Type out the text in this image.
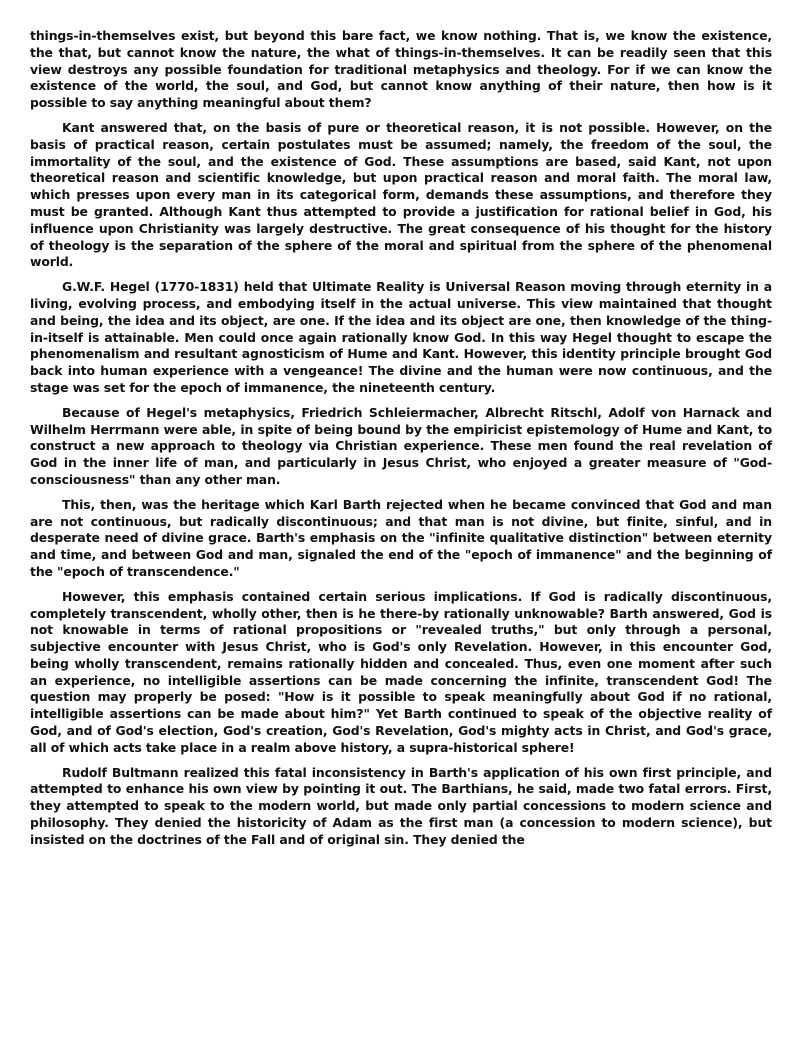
things-in-themselves exist, but beyond this bare fact, we know nothing. That is, we know the existence, the that, but cannot know the nature, the what of things-in-themselves. It can be readily seen that this view destroys any possible foundation for traditional metaphysics and theology. For if we can know the existence of the world, the soul, and God, but cannot know anything of their nature, then how is it possible to say anything meaningful about them?

Kant answered that, on the basis of pure or theoretical reason, it is not possible. However, on the basis of practical reason, certain postulates must be assumed; namely, the freedom of the soul, the immortality of the soul, and the existence of God. These assumptions are based, said Kant, not upon theoretical reason and scientific knowledge, but upon practical reason and moral faith. The moral law, which presses upon every man in its categorical form, demands these assumptions, and therefore they must be granted. Although Kant thus attempted to provide a justification for rational belief in God, his influence upon Christianity was largely destructive. The great consequence of his thought for the history of theology is the separation of the sphere of the moral and spiritual from the sphere of the phenomenal world.

G.W.F. Hegel (1770-1831) held that Ultimate Reality is Universal Reason moving through eternity in a living, evolving process, and embodying itself in the actual universe. This view maintained that thought and being, the idea and its object, are one. If the idea and its object are one, then knowledge of the thing-in-itself is attainable. Men could once again rationally know God. In this way Hegel thought to escape the phenomenalism and resultant agnosticism of Hume and Kant. However, this identity principle brought God back into human experience with a vengeance! The divine and the human were now continuous, and the stage was set for the epoch of immanence, the nineteenth century.

Because of Hegel's metaphysics, Friedrich Schleiermacher, Albrecht Ritschl, Adolf von Harnack and Wilhelm Herrmann were able, in spite of being bound by the empiricist epistemology of Hume and Kant, to construct a new approach to theology via Christian experience. These men found the real revelation of God in the inner life of man, and particularly in Jesus Christ, who enjoyed a greater measure of "God-consciousness" than any other man.

This, then, was the heritage which Karl Barth rejected when he became convinced that God and man are not continuous, but radically discontinuous; and that man is not divine, but finite, sinful, and in desperate need of divine grace. Barth's emphasis on the "infinite qualitative distinction" between eternity and time, and between God and man, signaled the end of the "epoch of immanence" and the beginning of the "epoch of transcendence."

However, this emphasis contained certain serious implications. If God is radically discontinuous, completely transcendent, wholly other, then is he there-by rationally unknowable? Barth answered, God is not knowable in terms of rational propositions or "revealed truths," but only through a personal, subjective encounter with Jesus Christ, who is God's only Revelation. However, in this encounter God, being wholly transcendent, remains rationally hidden and concealed. Thus, even one moment after such an experience, no intelligible assertions can be made concerning the infinite, transcendent God! The question may properly be posed: "How is it possible to speak meaningfully about God if no rational, intelligible assertions can be made about him?" Yet Barth continued to speak of the objective reality of God, and of God's election, God's creation, God's Revelation, God's mighty acts in Christ, and God's grace, all of which acts take place in a realm above history, a supra-historical sphere!

Rudolf Bultmann realized this fatal inconsistency in Barth's application of his own first principle, and attempted to enhance his own view by pointing it out. The Barthians, he said, made two fatal errors. First, they attempted to speak to the modern world, but made only partial concessions to modern science and philosophy. They denied the historicity of Adam as the first man (a concession to modern science), but insisted on the doctrines of the Fall and of original sin. They denied the
